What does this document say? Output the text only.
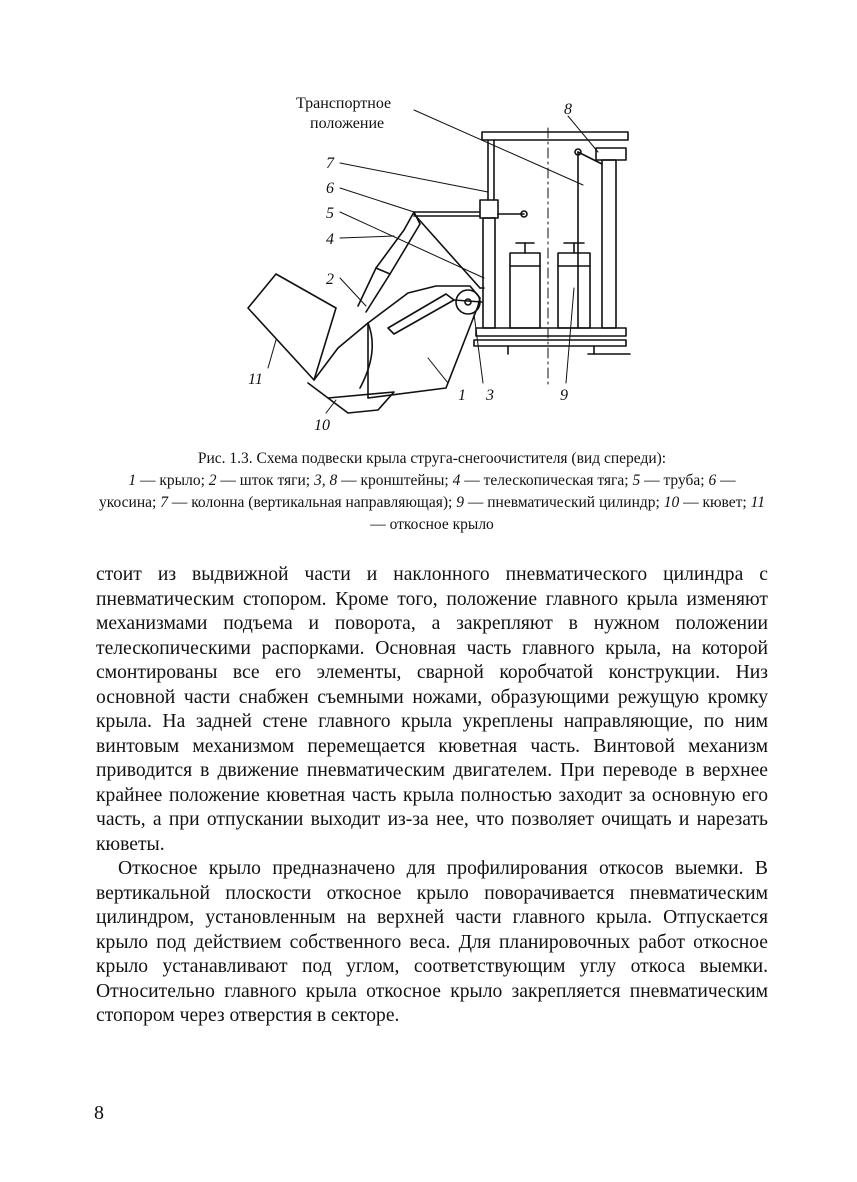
Транспортное
положение
8
7
6
5
4
2
11
1 3	9
10

Рис. 1.3. Схема подвески крыла струга-снегоочистителя (вид спереди):
1 — крыло; 2 — шток тяги; 3, 8 — кронштейны; 4 — телескопическая тяга; 5 — труба; 6 — укосина; 7 — колонна (вертикальная направляющая); 9 — пневматический цилиндр; 10 — кювет; 11 — откосное крыло

стоит из выдвижной части и наклонного пневматического цилиндра с пневматическим стопором. Кроме того, положение главного крыла изменяют механизмами подъема и поворота, а закрепляют в нужном положении телескопическими распорками. Основная часть главного крыла, на которой смонтированы все его элементы, сварной коробчатой конструкции. Низ основной части снабжен съемными ножами, образующими режущую кромку крыла. На задней стене главного крыла укреплены направляющие, по ним винтовым механизмом перемещается кюветная часть. Винтовой механизм приводится в движение пневматическим двигателем. При переводе в верхнее крайнее положение кюветная часть крыла полностью заходит за основную его часть, а при отпускании выходит из-за нее, что позволяет очищать и нарезать кюветы.

Откосное крыло предназначено для профилирования откосов выемки. В вертикальной плоскости откосное крыло поворачивается пневматическим цилиндром, установленным на верхней части главного крыла. Отпускается крыло под действием собственного веса. Для планировочных работ откосное крыло устанавливают под углом, соответствующим углу откоса выемки. Относительно главного крыла откосное крыло закрепляется пневматическим стопором через отверстия в секторе.

8
